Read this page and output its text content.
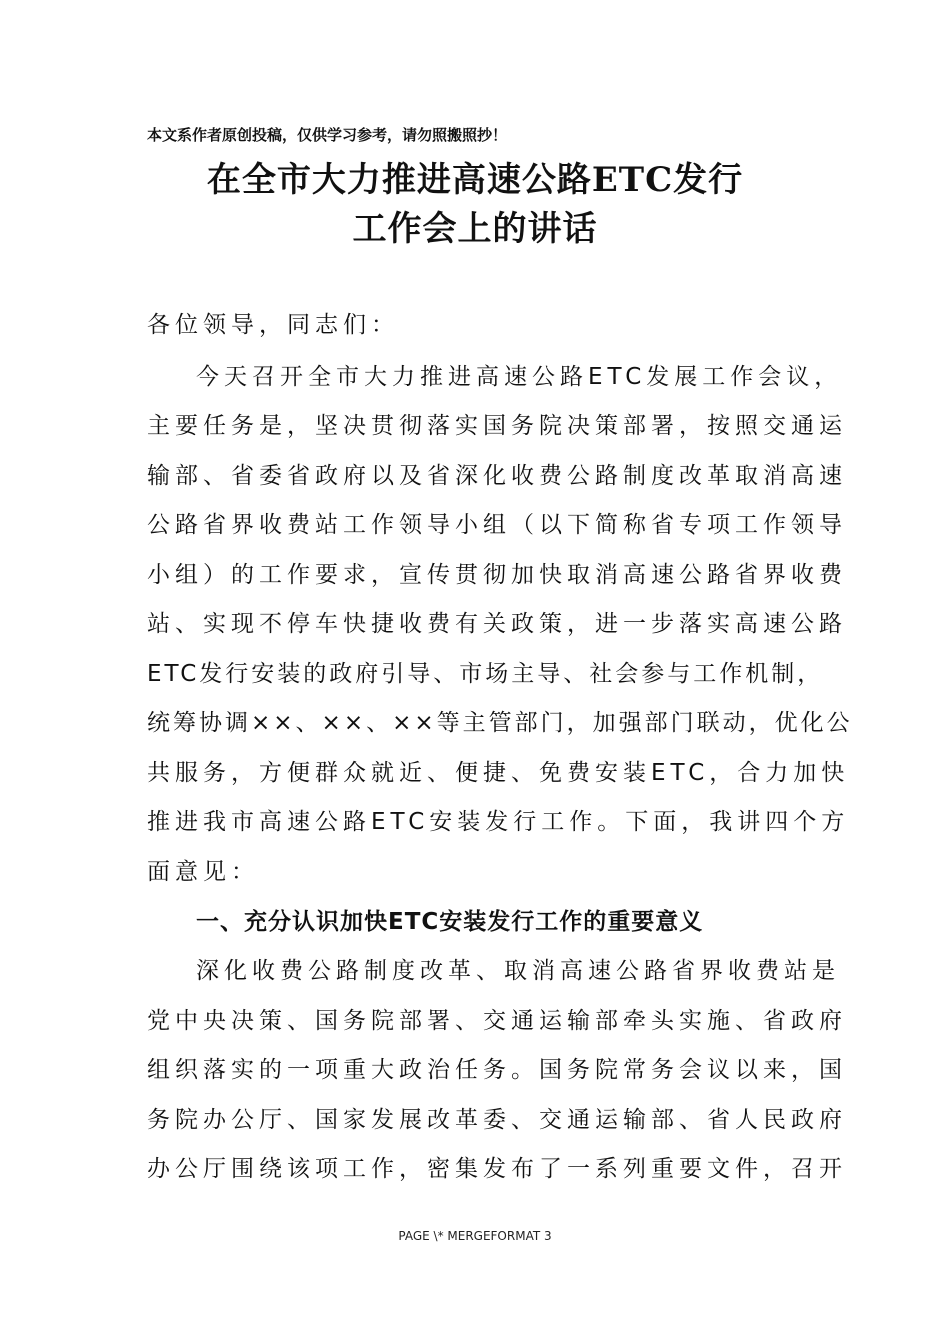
本文系作者原创投稿，仅供学习参考，请勿照搬照抄！
在全市大力推进高速公路ETC发行
工作会上的讲话
各位领导，同志们：
今天召开全市大力推进高速公路ETC发展工作会议，
主要任务是，坚决贯彻落实国务院决策部署，按照交通运
输部、省委省政府以及省深化收费公路制度改革取消高速
公路省界收费站工作领导小组（以下简称省专项工作领导
小组）的工作要求，宣传贯彻加快取消高速公路省界收费
站、实现不停车快捷收费有关政策，进一步落实高速公路
ETC发行安装的政府引导、市场主导、社会参与工作机制，
统筹协调××、××、××等主管部门，加强部门联动，优化公
共服务，方便群众就近、便捷、免费安装ETC，合力加快
推进我市高速公路ETC安装发行工作。下面，我讲四个方
面意见：
一、充分认识加快ETC安装发行工作的重要意义
深化收费公路制度改革、取消高速公路省界收费站是
党中央决策、国务院部署、交通运输部牵头实施、省政府
组织落实的一项重大政治任务。国务院常务会议以来，国
务院办公厅、国家发展改革委、交通运输部、省人民政府
办公厅围绕该项工作，密集发布了一系列重要文件，召开
PAGE \* MERGEFORMAT 3
